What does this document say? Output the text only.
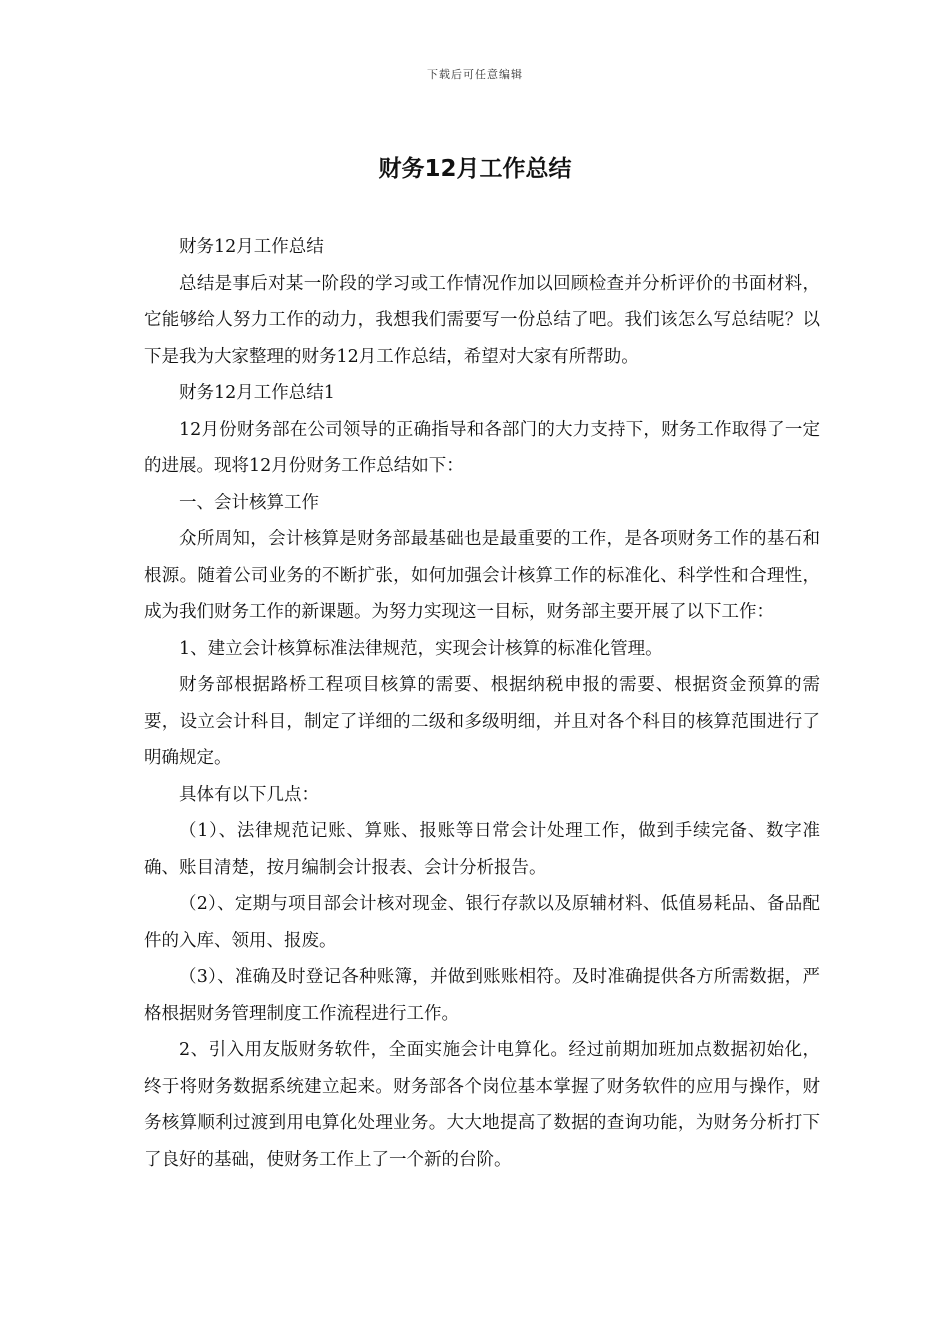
下载后可任意编辑
财务12月工作总结

财务12月工作总结

总结是事后对某一阶段的学习或工作情况作加以回顾检查并分析评价的书面材料，它能够给人努力工作的动力，我想我们需要写一份总结了吧。我们该怎么写总结呢？以下是我为大家整理的财务12月工作总结，希望对大家有所帮助。

财务12月工作总结1

12月份财务部在公司领导的正确指导和各部门的大力支持下，财务工作取得了一定的进展。现将12月份财务工作总结如下：

一、会计核算工作

众所周知，会计核算是财务部最基础也是最重要的工作，是各项财务工作的基石和根源。随着公司业务的不断扩张，如何加强会计核算工作的标准化、科学性和合理性，成为我们财务工作的新课题。为努力实现这一目标，财务部主要开展了以下工作：

1、建立会计核算标准法律规范，实现会计核算的标准化管理。

财务部根据路桥工程项目核算的需要、根据纳税申报的需要、根据资金预算的需要，设立会计科目，制定了详细的二级和多级明细，并且对各个科目的核算范围进行了明确规定。

具体有以下几点：

（1）、法律规范记账、算账、报账等日常会计处理工作，做到手续完备、数字准确、账目清楚，按月编制会计报表、会计分析报告。

（2）、定期与项目部会计核对现金、银行存款以及原辅材料、低值易耗品、备品配件的入库、领用、报废。

（3）、准确及时登记各种账簿，并做到账账相符。及时准确提供各方所需数据，严格根据财务管理制度工作流程进行工作。

2、引入用友版财务软件，全面实施会计电算化。经过前期加班加点数据初始化，终于将财务数据系统建立起来。财务部各个岗位基本掌握了财务软件的应用与操作，财务核算顺利过渡到用电算化处理业务。大大地提高了数据的查询功能，为财务分析打下了良好的基础，使财务工作上了一个新的台阶。
